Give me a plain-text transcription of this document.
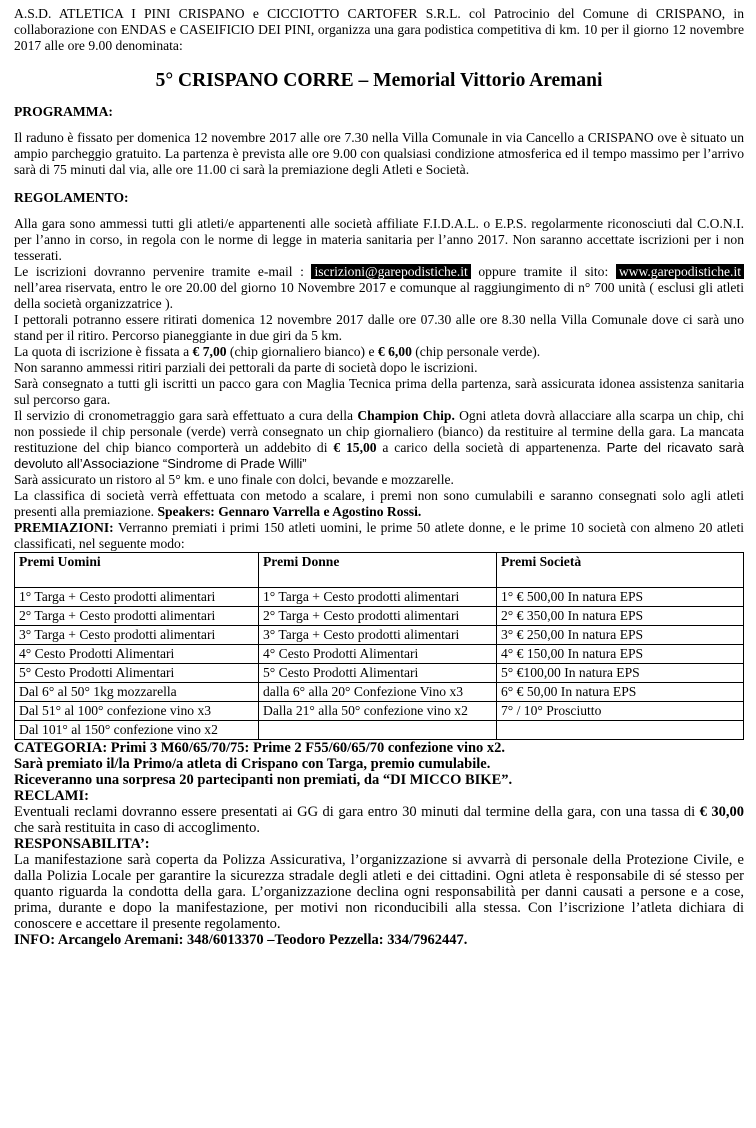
A.S.D. ATLETICA I PINI CRISPANO e CICCIOTTO CARTOFER S.R.L. col Patrocinio del Comune di CRISPANO, in collaborazione con ENDAS e CASEIFICIO DEI PINI, organizza una gara podistica competitiva di km. 10 per il giorno 12 novembre 2017 alle ore 9.00 denominata:

5° CRISPANO CORRE – Memorial Vittorio Aremani

PROGRAMMA:

Il raduno è fissato per domenica 12 novembre 2017 alle ore 7.30 nella Villa Comunale in via Cancello a CRISPANO ove è situato un ampio parcheggio gratuito. La partenza è prevista alle ore 9.00 con qualsiasi condizione atmosferica ed il tempo massimo per l’arrivo sarà di 75 minuti dal via, alle ore 11.00 ci sarà la premiazione degli Atleti e Società.

REGOLAMENTO:

Alla gara sono ammessi tutti gli atleti/e appartenenti alle società affiliate F.I.D.A.L. o E.P.S. regolarmente riconosciuti dal C.O.N.I. per l’anno in corso, in regola con le norme di legge in materia sanitaria per l’anno 2017. Non saranno accettate iscrizioni per i non tesserati.

Le iscrizioni dovranno pervenire tramite e-mail : iscrizioni@garepodistiche.it oppure tramite il sito: www.garepodistiche.it nell’area riservata, entro le ore 20.00 del giorno 10 Novembre 2017 e comunque al raggiungimento di n° 700 unità ( esclusi gli atleti della società organizzatrice ).

I pettorali potranno essere ritirati domenica 12 novembre 2017 dalle ore 07.30 alle ore 8.30 nella Villa Comunale dove ci sarà uno stand per il ritiro. Percorso pianeggiante in due giri da 5 km.

La quota di iscrizione è fissata a € 7,00 (chip giornaliero bianco) e € 6,00 (chip personale verde).

Non saranno ammessi ritiri parziali dei pettorali da parte di società dopo le iscrizioni.

Sarà consegnato a tutti gli iscritti un pacco gara con Maglia Tecnica prima della partenza, sarà assicurata idonea assistenza sanitaria sul percorso gara.

Il servizio di cronometraggio gara sarà effettuato a cura della Champion Chip. Ogni atleta dovrà allacciare alla scarpa un chip, chi non possiede il chip personale (verde) verrà consegnato un chip giornaliero (bianco) da restituire al termine della gara. La mancata restituzione del chip bianco comporterà un addebito di € 15,00 a carico della società di appartenenza. Parte del ricavato sarà devoluto all’Associazione “Sindrome di Prade Willi”

Sarà assicurato un ristoro al 5° km. e uno finale con dolci, bevande e mozzarelle.

La classifica di società verrà effettuata con metodo a scalare, i premi non sono cumulabili e saranno consegnati solo agli atleti presenti alla premiazione. Speakers: Gennaro Varrella e Agostino Rossi.

PREMIAZIONI: Verranno premiati i primi 150 atleti uomini, le prime 50 atlete donne, e le prime 10 società con almeno 20 atleti classificati, nel seguente modo:

Premi Uomini	Premi Donne	Premi Società
1° Targa + Cesto prodotti alimentari	1° Targa + Cesto prodotti alimentari	1° € 500,00 In natura EPS
2° Targa + Cesto prodotti alimentari	2° Targa + Cesto prodotti alimentari	2° € 350,00 In natura EPS
3° Targa + Cesto prodotti alimentari	3° Targa + Cesto prodotti alimentari	3° € 250,00 In natura EPS
4° Cesto Prodotti Alimentari	4° Cesto Prodotti Alimentari	4° € 150,00 In natura EPS
5° Cesto Prodotti Alimentari	5° Cesto Prodotti Alimentari	5° €100,00 In natura EPS
Dal 6° al 50° 1kg mozzarella	dalla 6° alla 20° Confezione Vino x3	6° € 50,00 In natura EPS
Dal 51° al 100° confezione vino x3	Dalla 21° alla 50° confezione vino x2	7° / 10° Prosciutto
Dal 101° al 150° confezione vino x2		

CATEGORIA: Primi 3 M60/65/70/75: Prime 2 F55/60/65/70 confezione vino x2.

Sarà premiato il/la Primo/a atleta di Crispano con Targa, premio cumulabile.

Riceveranno una sorpresa 20 partecipanti non premiati, da “DI MICCO BIKE”.

RECLAMI:

Eventuali reclami dovranno essere presentati ai GG di gara entro 30 minuti dal termine della gara, con una tassa di € 30,00 che sarà restituita in caso di accoglimento.

RESPONSABILITA’:

La manifestazione sarà coperta da Polizza Assicurativa, l’organizzazione si avvarrà di personale della Protezione Civile, e dalla Polizia Locale per garantire la sicurezza stradale degli atleti e dei cittadini. Ogni atleta è responsabile di sé stesso per quanto riguarda la condotta della gara. L’organizzazione declina ogni responsabilità per danni causati a persone e a cose, prima, durante e dopo la manifestazione, per motivi non riconducibili alla stessa. Con l’iscrizione l’atleta dichiara di conoscere e accettare il presente regolamento.

INFO: Arcangelo Aremani: 348/6013370 –Teodoro Pezzella: 334/7962447.
